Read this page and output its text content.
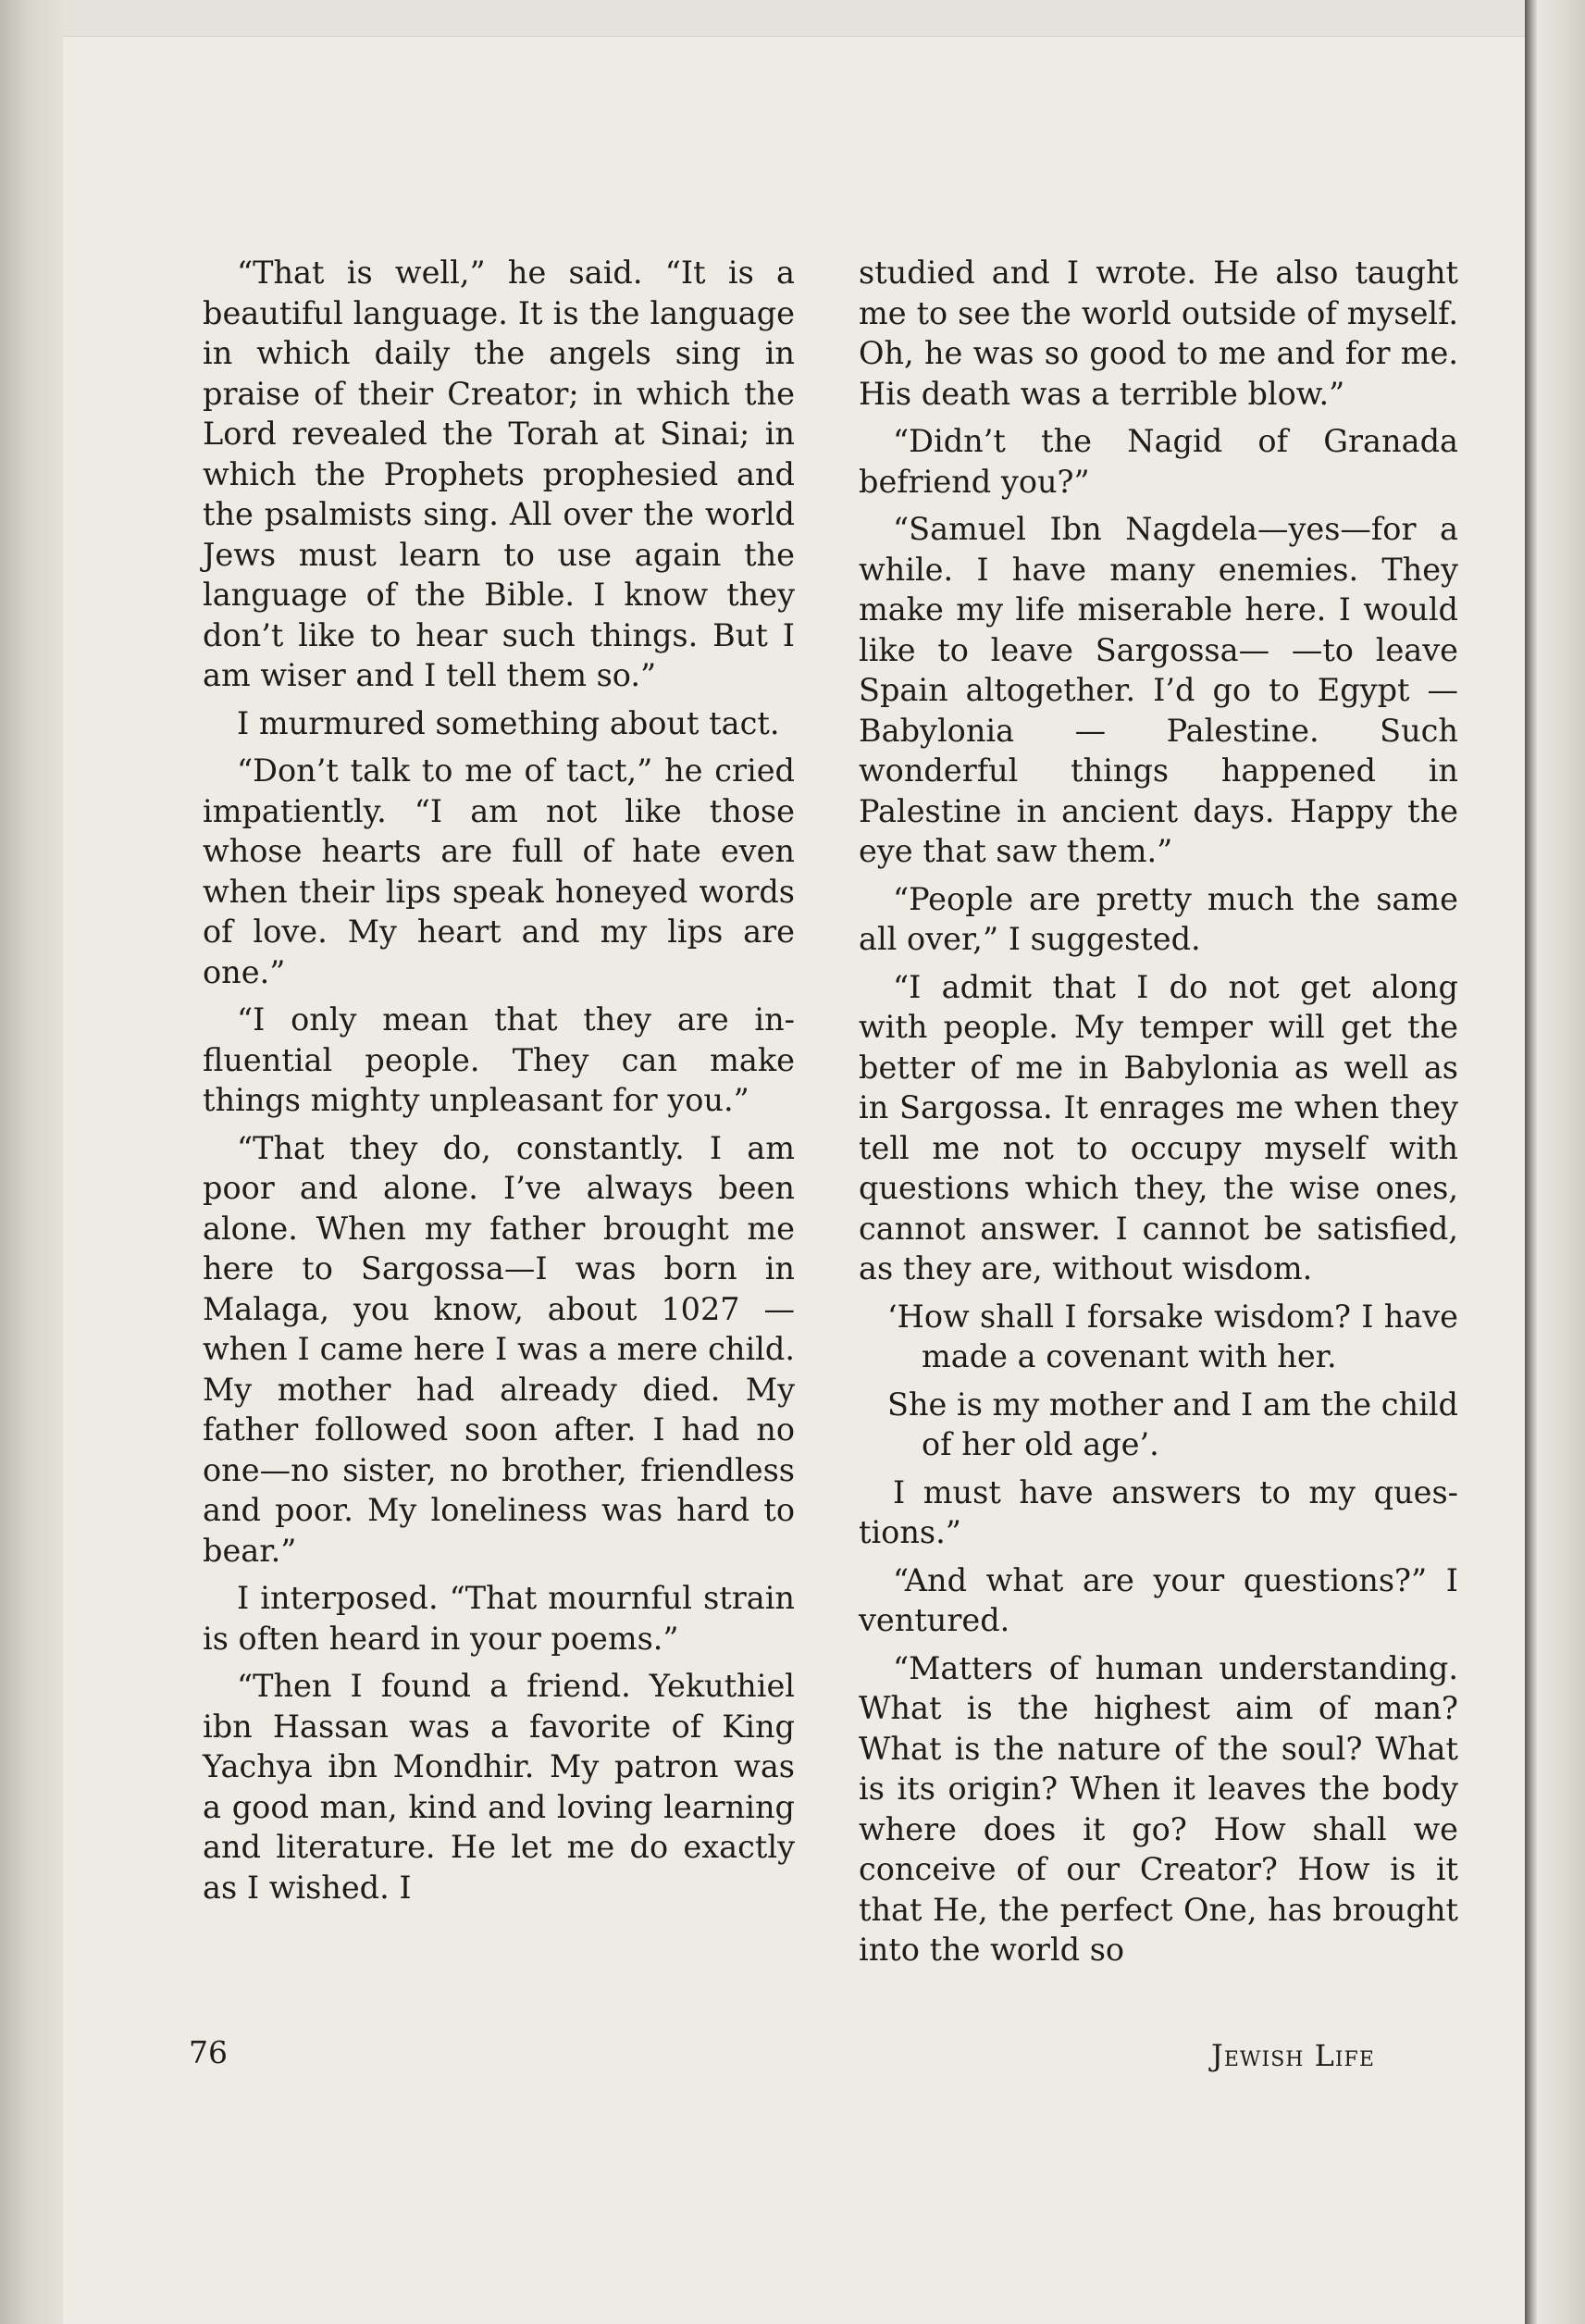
“That is well,” he said. “It is a beautiful language. It is the language in which daily the angels sing in praise of their Creator; in which the Lord revealed the Torah at Sinai; in which the Prophets prophesied and the psalmists sing. All over the world Jews must learn to use again the language of the Bible. I know they don’t like to hear such things. But I am wiser and I tell them so.”

I murmured something about tact.

“Don’t talk to me of tact,” he cried impatiently. “I am not like those whose hearts are full of hate even when their lips speak honeyed words of love. My heart and my lips are one.”

“I only mean that they are influential people. They can make things mighty unpleasant for you.”

“That they do, constantly. I am poor and alone. I’ve always been alone. When my father brought me here to Sargossa—I was born in Malaga, you know, about 1027 —when I came here I was a mere child. My mother had already died. My father followed soon after. I had no one—no sister, no brother, friendless and poor. My loneliness was hard to bear.”

I interposed. “That mournful strain is often heard in your poems.”

“Then I found a friend. Yekuthiel ibn Hassan was a favorite of King Yachya ibn Mondhir. My patron was a good man, kind and loving learning and literature. He let me do exactly as I wished. I

studied and I wrote. He also taught me to see the world outside of myself. Oh, he was so good to me and for me. His death was a terrible blow.”

“Didn’t the Nagid of Granada befriend you?”

“Samuel Ibn Nagdela—yes—for a while. I have many enemies. They make my life miserable here. I would like to leave Sargossa— —to leave Spain altogether. I’d go to Egypt — Babylonia — Palestine. Such wonderful things happened in Palestine in ancient days. Happy the eye that saw them.”

“People are pretty much the same all over,” I suggested.

“I admit that I do not get along with people. My temper will get the better of me in Babylonia as well as in Sargossa. It enrages me when they tell me not to occupy myself with questions which they, the wise ones, cannot answer. I cannot be satisfied, as they are, without wisdom.

‘How shall I forsake wisdom? I have made a covenant with her.

She is my mother and I am the child of her old age’.

I must have answers to my questions.”

“And what are your questions?” I ventured.

“Matters of human understanding. What is the highest aim of man? What is the nature of the soul? What is its origin? When it leaves the body where does it go? How shall we conceive of our Creator? How is it that He, the perfect One, has brought into the world so

76	Jewish Life
